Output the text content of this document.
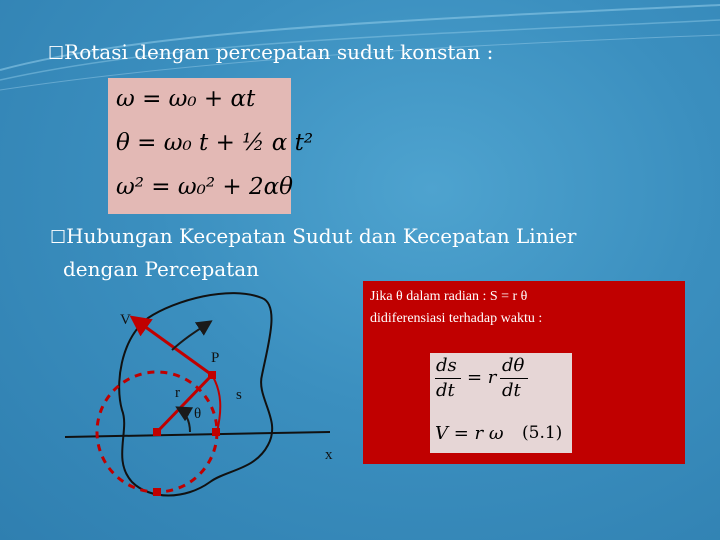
☐Rotasi dengan percepatan sudut konstan :
ω = ω₀ + αt
θ = ω₀ t + ½ α t²
ω² = ω₀² + 2αθ
☐Hubungan Kecepatan Sudut dan Kecepatan Linier
dengan Percepatan
Jika θ dalam radian : S = r θ
didiferensiasi terhadap waktu :
ds
dt
= r
dθ
dt
V = r ω (5.1)
V
P
r	s
θ
x
